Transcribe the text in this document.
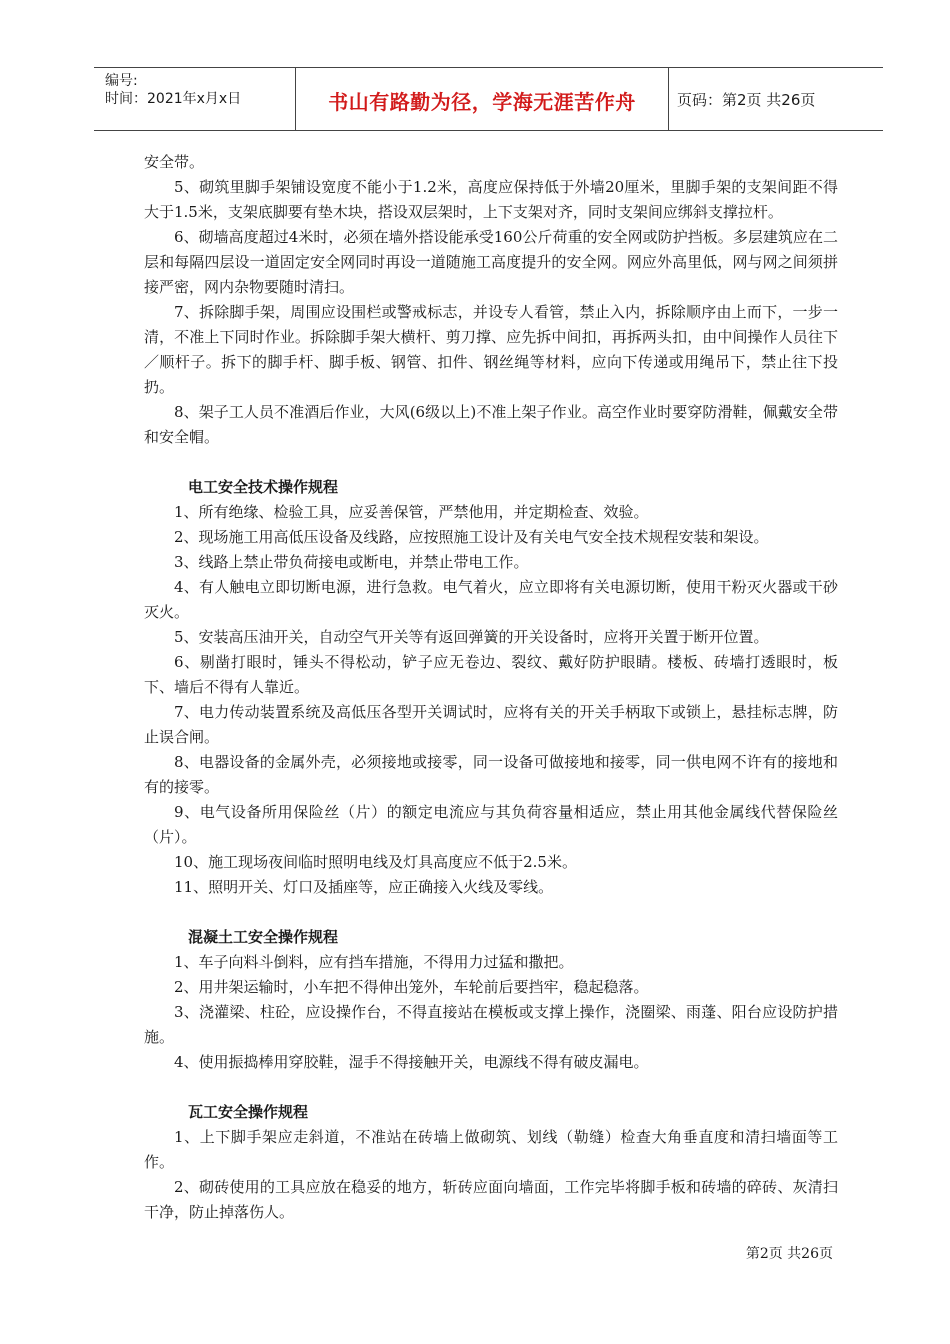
编号:
时间：2021年x月x日	书山有路勤为径，学海无涯苦作舟	页码：第2页 共26页

安全带。

5、砌筑里脚手架铺设宽度不能小于1.2米，高度应保持低于外墙20厘米，里脚手架的支架间距不得大于1.5米，支架底脚要有垫木块，搭设双层架时，上下支架对齐，同时支架间应绑斜支撑拉杆。

6、砌墙高度超过4米时，必须在墙外搭设能承受160公斤荷重的安全网或防护挡板。多层建筑应在二层和每隔四层设一道固定安全网同时再设一道随施工高度提升的安全网。网应外高里低，网与网之间须拼接严密，网内杂物要随时清扫。

7、拆除脚手架，周围应设围栏或警戒标志，并设专人看管，禁止入内，拆除顺序由上而下，一步一清，不准上下同时作业。拆除脚手架大横杆、剪刀撑、应先拆中间扣，再拆两头扣，由中间操作人员往下／顺杆子。拆下的脚手杆、脚手板、钢管、扣件、钢丝绳等材料，应向下传递或用绳吊下，禁止往下投扔。

8、架子工人员不准酒后作业，大风(6级以上)不准上架子作业。高空作业时要穿防滑鞋，佩戴安全带和安全帽。

电工安全技术操作规程

1、所有绝缘、检验工具，应妥善保管，严禁他用，并定期检查、效验。

2、现场施工用高低压设备及线路，应按照施工设计及有关电气安全技术规程安装和架设。

3、线路上禁止带负荷接电或断电，并禁止带电工作。

4、有人触电立即切断电源，进行急救。电气着火，应立即将有关电源切断，使用干粉灭火器或干砂灭火。

5、安装高压油开关，自动空气开关等有返回弹簧的开关设备时，应将开关置于断开位置。

6、剔凿打眼时，锤头不得松动，铲子应无卷边、裂纹、戴好防护眼睛。楼板、砖墙打透眼时，板下、墙后不得有人靠近。

7、电力传动装置系统及高低压各型开关调试时，应将有关的开关手柄取下或锁上，悬挂标志牌，防止误合闸。

8、电器设备的金属外壳，必须接地或接零，同一设备可做接地和接零，同一供电网不许有的接地和有的接零。

9、电气设备所用保险丝（片）的额定电流应与其负荷容量相适应，禁止用其他金属线代替保险丝（片）。

10、施工现场夜间临时照明电线及灯具高度应不低于2.5米。

11、照明开关、灯口及插座等，应正确接入火线及零线。

混凝土工安全操作规程

1、车子向料斗倒料，应有挡车措施，不得用力过猛和撒把。

2、用井架运输时，小车把不得伸出笼外，车轮前后要挡牢，稳起稳落。

3、浇灌梁、柱砼，应设操作台，不得直接站在模板或支撑上操作，浇圈梁、雨蓬、阳台应设防护措施。

4、使用振捣棒用穿胶鞋，湿手不得接触开关，电源线不得有破皮漏电。

瓦工安全操作规程

1、上下脚手架应走斜道，不准站在砖墙上做砌筑、划线（勒缝）检查大角垂直度和清扫墙面等工作。

2、砌砖使用的工具应放在稳妥的地方，斩砖应面向墙面，工作完毕将脚手板和砖墙的碎砖、灰清扫干净，防止掉落伤人。

第2页 共26页
